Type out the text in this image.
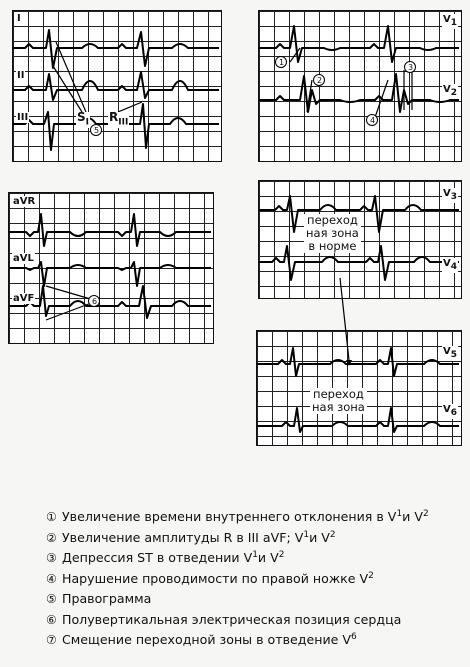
5
6
1
2
3
4
I
II
III	$S_I$ $R_{III}$
aVR
aVL
aVF
$V_1$
$V_2$
$V_3$
$V_4$
переход
ная зона
в норме
$V_5$
$V_6$
переход
ная зона
① Увеличение времени внутреннего отклонения в V 1 и V 2
② Увеличение амплитуды R в III aVF; V 1 и V 2
③ Депрессия ST в отведении V 1 и V 2
④ Нарушение проводимости по правой ножке V 2
⑤ Правограмма
⑥ Полувертикальная электрическая позиция сердца
⑦ Смещение переходной зоны в отведение V 6
